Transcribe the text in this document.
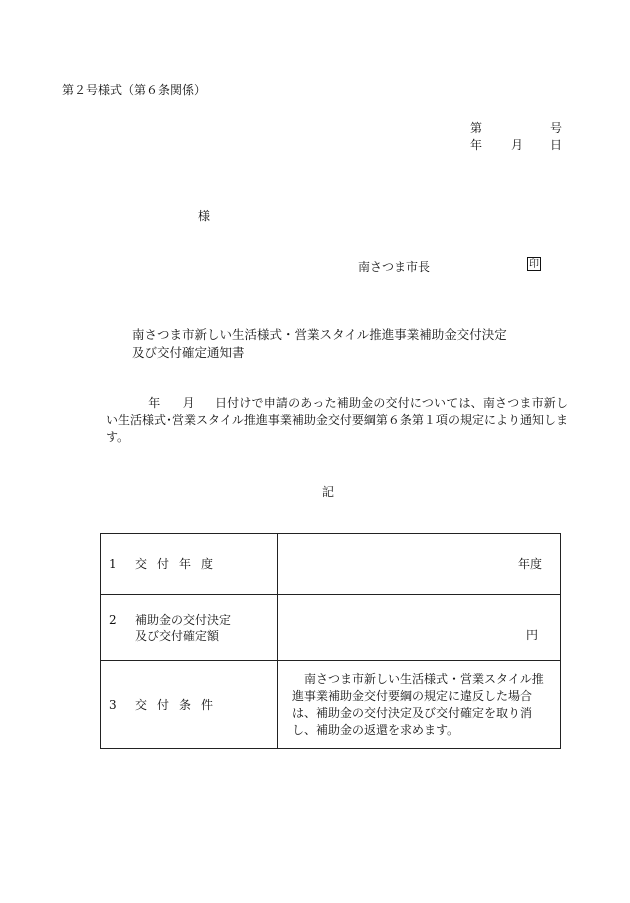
第２号様式（第６条関係）
第	号
年 月 日
様
南さつま市長	印
南さつま市新しい生活様式・営業スタイル推進事業補助金交付決定
及び交付確定通知書
年 月 日付けで申請のあった補助金の交付については、南さつま市新しい生活様式･営業スタイル推進事業補助金交付要綱第６条第１項の規定により通知します。
記
1 交付年度	年度

2 補助金の交付決定
及び交付確定額	円

3 交付条件	南さつま市新しい生活様式・営業スタイル推進事業補助金交付要綱の規定に違反した場合は、補助金の交付決定及び交付確定を取り消し、補助金の返還を求めます。
